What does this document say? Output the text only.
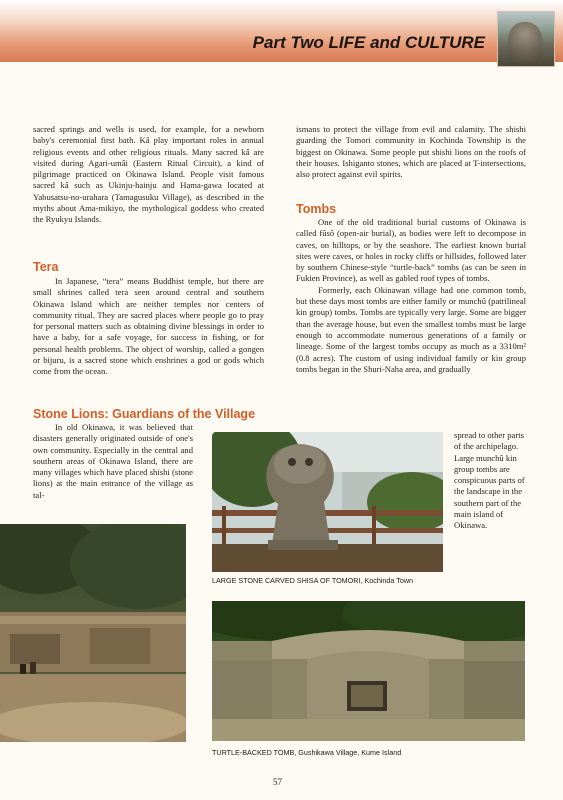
Part Two LIFE and CULTURE

sacred springs and wells is used, for example, for a newborn baby's ceremonial first bath. Kâ play important roles in annual religious events and other religious rituals. Many sacred kâ are visited during Agari-umâi (Eastern Ritual Circuit), a kind of pilgrimage practiced on Okinawa Island. People visit famous sacred kâ such as Ukinju-hainju and Hama-gawa located at Yabusatsu-no-urahara (Tamagusuku Village), as described in the myths about Ama-mikiyo, the mythological goddess who created the Ryukyu Islands.

Tera

In Japanese, “tera” means Buddhist temple, but there are small shrines called tera seen around central and southern Okinawa Island which are neither temples nor centers of community ritual. They are sacred places where people go to pray for personal matters such as obtaining divine blessings in order to have a baby, for a safe voyage, for success in fishing, or for personal health problems. The object of worship, called a gongen or bijuru, is a sacred stone which enshrines a god or gods which come from the ocean.

Stone Lions: Guardians of the Village

In old Okinawa, it was believed that disasters generally originated outside of one's own community. Especially in the central and southern areas of Okinawa Island, there are many villages which have placed shishi (stone lions) at the main entrance of the village as tal-

ismans to protect the village from evil and calamity. The shishi guarding the Tomori community in Kochinda Township is the biggest on Okinawa. Some people put shishi lions on the roofs of their houses. Ishiganto stones, which are placed at T-intersections, also protect against evil spirits.

Tombs

One of the old traditional burial customs of Okinawa is called fûsô (open-air burial), as bodies were left to decompose in caves, on hilltops, or by the seashore. The earliest known burial sites were caves, or holes in rocky cliffs or hillsides, followed later by southern Chinese-style “turtle-back” tombs (as can be seen in Fukien Province), as well as gabled roof types of tombs.

Formerly, each Okinawan village had one common tomb, but these days most tombs are either family or munchû (patrilineal kin group) tombs. Tombs are typically very large. Some are bigger than the average house, but even the smallest tombs must be large enough to accommodate numerous generations of a family or lineage. Some of the largest tombs occupy as much as a 3310m² (0.8 acres). The custom of using individual family or kin group tombs began in the Shuri-Naha area, and gradually

spread to other parts of the archipelago. Large munchû kin group tombs are conspicuous parts of the landscape in the southern part of the main island of Okinawa.

LARGE STONE CARVED SHISA OF TOMORI, Kochinda Town
TURTLE-BACKED TOMB, Gushikawa Village, Kume Island
57
